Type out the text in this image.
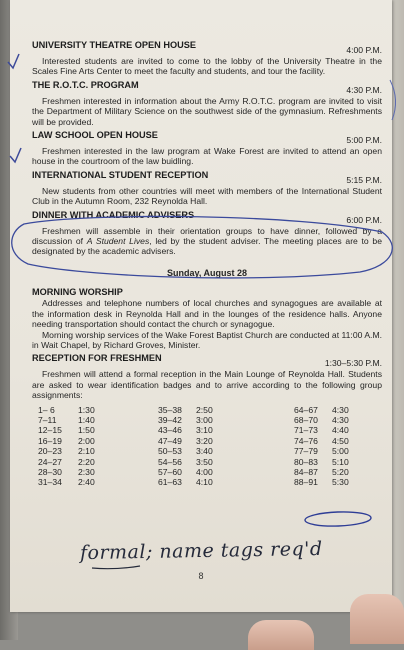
UNIVERSITY THEATRE OPEN HOUSE	4:00 P.M.
Interested students are invited to come to the lobby of the University Theatre in the Scales Fine Arts Center to meet the faculty and students, and tour the facility.
THE R.O.T.C. PROGRAM	4:30 P.M.
Freshmen interested in information about the Army R.O.T.C. program are invited to visit the Department of Military Science on the southwest side of the gymnasium. Refreshments will be provided.
LAW SCHOOL OPEN HOUSE	5:00 P.M.
Freshmen interested in the law program at Wake Forest are invited to attend an open house in the courtroom of the law buidling.
INTERNATIONAL STUDENT RECEPTION	5:15 P.M.
New students from other countries will meet with members of the International Student Club in the Autumn Room, 232 Reynolda Hall.
DINNER WITH ACADEMIC ADVISERS	6:00 P.M.
Freshmen will assemble in their orientation groups to have dinner, followed by a discussion of A Student Lives, led by the student adviser. The meeting places are to be designated by the academic advisers.
Sunday, August 28
MORNING WORSHIP
Addresses and telephone numbers of local churches and synagogues are available at the information desk in Reynolda Hall and in the lounges of the residence halls. Anyone needing transportation should contact the church or synagogue.
Morning worship services of the Wake Forest Baptist Church are conducted at 11:00 A.M. in Wait Chapel, by Richard Groves, Minister.
RECEPTION FOR FRESHMEN	1:30–5:30 P.M.
Freshmen will attend a formal reception in the Main Lounge of Reynolda Hall. Students are asked to wear identification badges and to arrive according to the following group assignments:
1– 6	1:30	35–38	2:50	64–67	4:30
7–11	1:40	39–42	3:00	68–70	4:30
12–15	1:50	43–46	3:10	71–73	4:40
16–19	2:00	47–49	3:20	74–76	4:50
20–23	2:10	50–53	3:40	77–79	5:00
24–27	2:20	54–56	3:50	80–83	5:10
28–30	2:30	57–60	4:00	84–87	5:20
31–34	2:40	61–63	4:10	88–91	5:30
formal; name tags req'd
8
